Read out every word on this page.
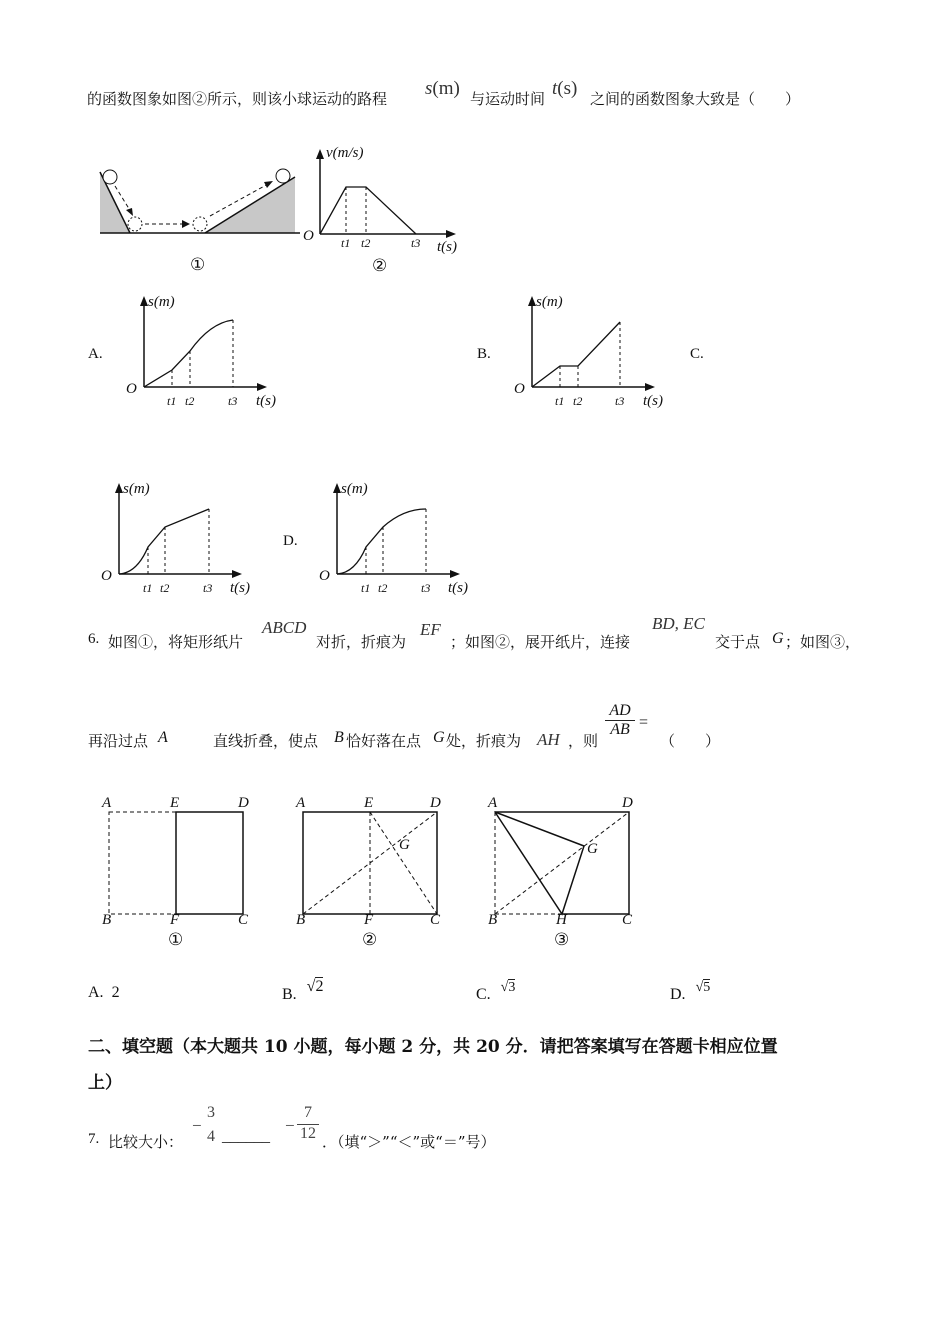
的函数图象如图②所示，则该小球运动的路程 s(m) 与运动时间 t(s) 之间的函数图象大致是（　　）
①
v(m/s)
O t1 t2	t3 t(s)
②
A.
s(m)
O
t1 t2	t3 t(s)
B.
s(m)
O
t1 t2	t3 t(s)
C.
s(m)
O
t1 t2	t3 t(s)
D.
s(m)
O
t1 t2	t3 t(s)
6. 如图①，将矩形纸片
ABCD
对折，折痕为
EF
；如图②，展开纸片，连接
BD, EC
交于点 G ；如图③，
再沿过点 A	直线折叠，使点 B 恰好落在点 G 处，折痕为 AH ，则
$\frac{AD}{AB}$ =
（　　）
A	E	D
B	F	C
①
A	E	D
G
B	F	C
②
A	D
G
B	H	C
③
A. 2	B. √2	C. √3	D. √5
二、填空题（本大题共 10 小题，每小题 2 分，共 20 分．请把答案填写在答题卡相应位置
上）
7. 比较大小：
−
3
4 ______
− $\frac{7}{12}$ ．（填“＞”“＜”或“＝”号）
